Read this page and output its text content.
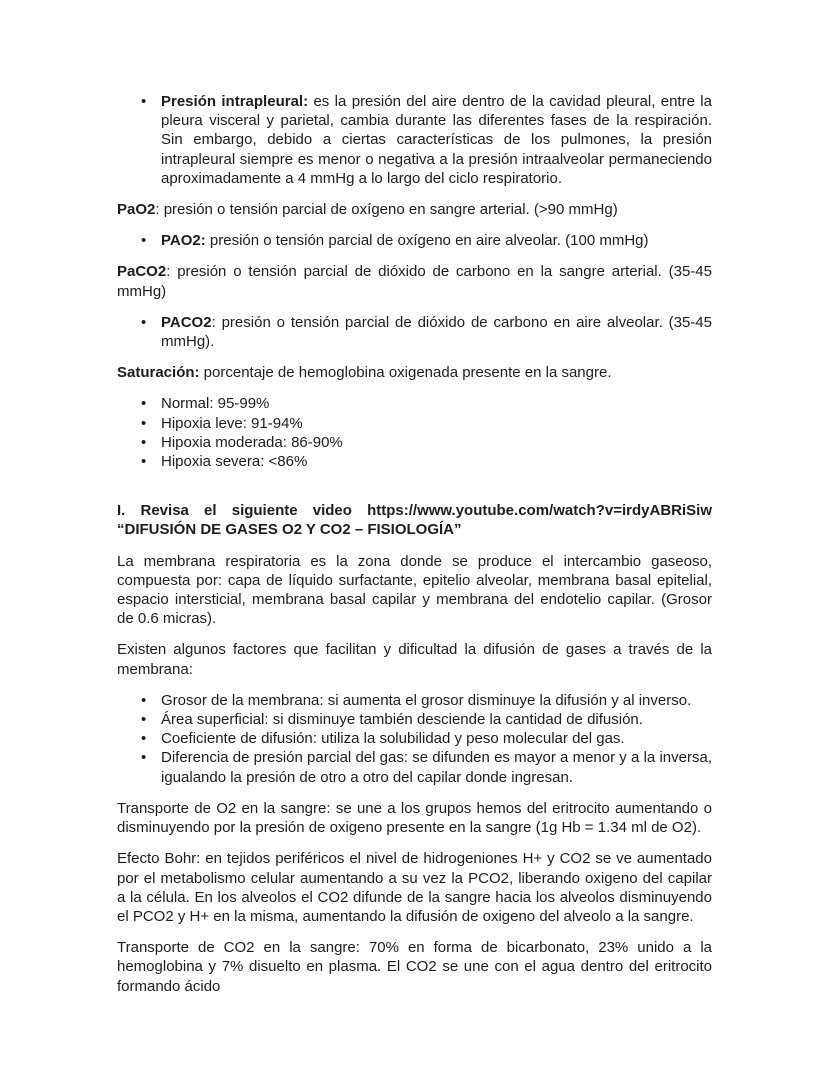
• Presión intrapleural: es la presión del aire dentro de la cavidad pleural, entre la pleura visceral y parietal, cambia durante las diferentes fases de la respiración. Sin embargo, debido a ciertas características de los pulmones, la presión intrapleural siempre es menor o negativa a la presión intraalveolar permaneciendo aproximadamente a 4 mmHg a lo largo del ciclo respiratorio.

PaO2: presión o tensión parcial de oxígeno en sangre arterial. (>90 mmHg)

• PAO2: presión o tensión parcial de oxígeno en aire alveolar. (100 mmHg)

PaCO2: presión o tensión parcial de dióxido de carbono en la sangre arterial. (35-45 mmHg)

• PACO2: presión o tensión parcial de dióxido de carbono en aire alveolar. (35-45 mmHg).

Saturación: porcentaje de hemoglobina oxigenada presente en la sangre.

• Normal: 95-99%
• Hipoxia leve: 91-94%
• Hipoxia moderada: 86-90%
• Hipoxia severa: <86%

I. Revisa el siguiente video https://www.youtube.com/watch?v=irdyABRiSiw “DIFUSIÓN DE GASES O2 Y CO2 – FISIOLOGÍA”

La membrana respiratoria es la zona donde se produce el intercambio gaseoso, compuesta por: capa de líquido surfactante, epitelio alveolar, membrana basal epitelial, espacio intersticial, membrana basal capilar y membrana del endotelio capilar. (Grosor de 0.6 micras).

Existen algunos factores que facilitan y dificultad la difusión de gases a través de la membrana:

• Grosor de la membrana: si aumenta el grosor disminuye la difusión y al inverso.
• Área superficial: si disminuye también desciende la cantidad de difusión.
• Coeficiente de difusión: utiliza la solubilidad y peso molecular del gas.
• Diferencia de presión parcial del gas: se difunden es mayor a menor y a la inversa, igualando la presión de otro a otro del capilar donde ingresan.

Transporte de O2 en la sangre: se une a los grupos hemos del eritrocito aumentando o disminuyendo por la presión de oxigeno presente en la sangre (1g Hb = 1.34 ml de O2).

Efecto Bohr: en tejidos periféricos el nivel de hidrogeniones H+ y CO2 se ve aumentado por el metabolismo celular aumentando a su vez la PCO2, liberando oxigeno del capilar a la célula. En los alveolos el CO2 difunde de la sangre hacia los alveolos disminuyendo el PCO2 y H+ en la misma, aumentando la difusión de oxigeno del alveolo a la sangre.

Transporte de CO2 en la sangre: 70% en forma de bicarbonato, 23% unido a la hemoglobina y 7% disuelto en plasma. El CO2 se une con el agua dentro del eritrocito formando ácido
